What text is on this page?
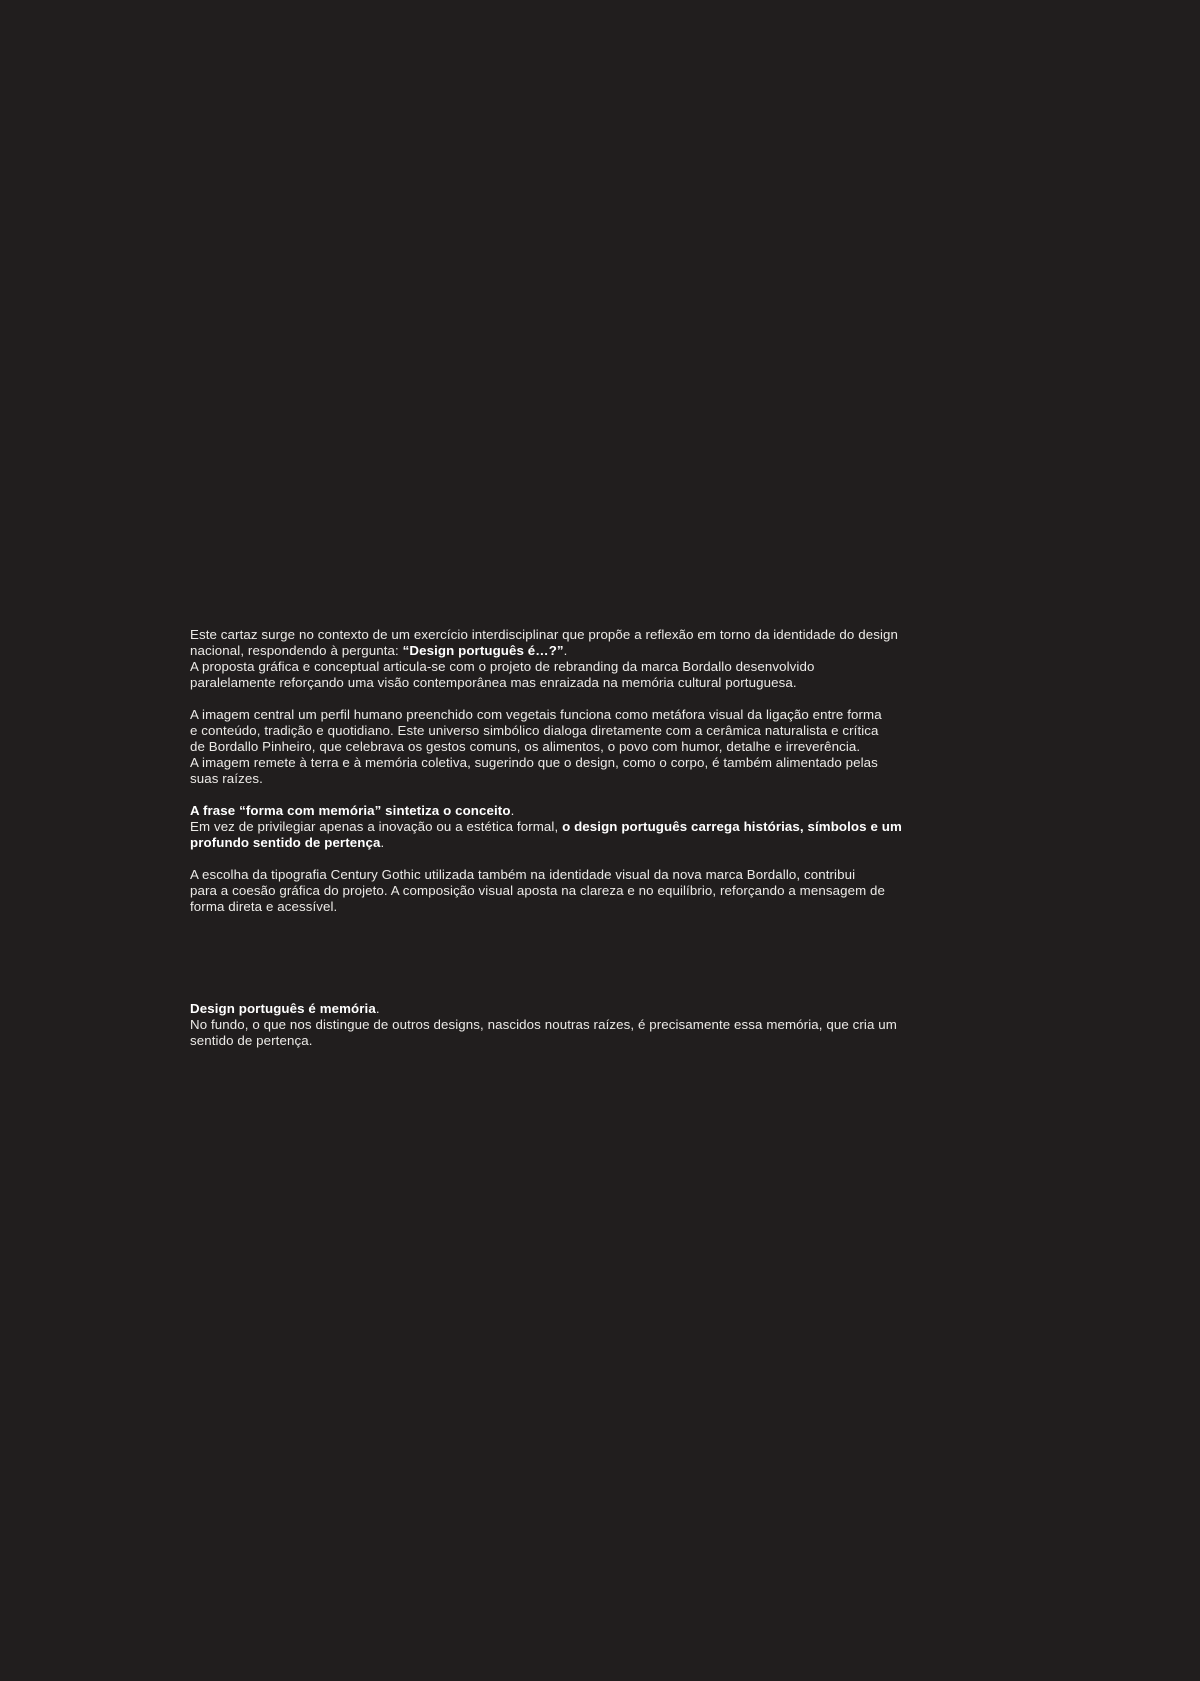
Este cartaz surge no contexto de um exercício interdisciplinar que propõe a reflexão em torno da identidade do design
nacional, respondendo à pergunta: “Design português é…?”.
A proposta gráfica e conceptual articula-se com o projeto de rebranding da marca Bordallo desenvolvido
paralelamente reforçando uma visão contemporânea mas enraizada na memória cultural portuguesa.
A imagem central um perfil humano preenchido com vegetais funciona como metáfora visual da ligação entre forma
e conteúdo, tradição e quotidiano. Este universo simbólico dialoga diretamente com a cerâmica naturalista e crítica
de Bordallo Pinheiro, que celebrava os gestos comuns, os alimentos, o povo com humor, detalhe e irreverência.
A imagem remete à terra e à memória coletiva, sugerindo que o design, como o corpo, é também alimentado pelas
suas raízes.
A frase “forma com memória” sintetiza o conceito.
Em vez de privilegiar apenas a inovação ou a estética formal, o design português carrega histórias, símbolos e um
profundo sentido de pertença.
A escolha da tipografia Century Gothic utilizada também na identidade visual da nova marca Bordallo, contribui
para a coesão gráfica do projeto. A composição visual aposta na clareza e no equilíbrio, reforçando a mensagem de
forma direta e acessível.
Design português é memória.
No fundo, o que nos distingue de outros designs, nascidos noutras raízes, é precisamente essa memória, que cria um
sentido de pertença.
